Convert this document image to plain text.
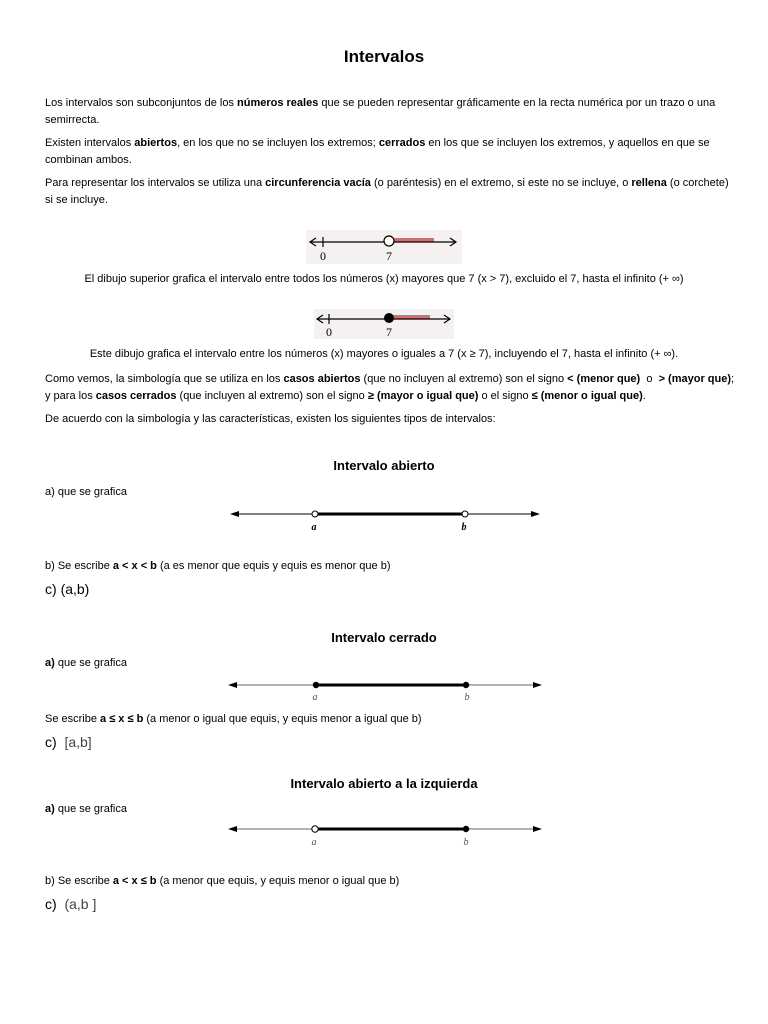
Intervalos

Los intervalos son subconjuntos de los números reales que se pueden representar gráficamente en la recta numérica por un trazo o una semirrecta.

Existen intervalos abiertos, en los que no se incluyen los extremos; cerrados en los que se incluyen los extremos, y aquellos en que se combinan ambos.

Para representar los intervalos se utiliza una circunferencia vacía (o paréntesis) en el extremo, si este no se incluye, o rellena (o corchete) si se incluye.

0	7

El dibujo superior grafica el intervalo entre todos los números (x) mayores que 7 (x > 7), excluido el 7, hasta el infinito (+ ∞)

0	7

Este dibujo grafica el intervalo entre los números (x) mayores o iguales a 7 (x ≥ 7), incluyendo el 7, hasta el infinito (+ ∞).

Como vemos, la simbología que se utiliza en los casos abiertos (que no incluyen al extremo) son el signo < (menor que)  o  > (mayor que); y para los casos cerrados (que incluyen al extremo) son el signo ≥ (mayor o igual que) o el signo ≤ (menor o igual que).

De acuerdo con la simbología y las características, existen los siguientes tipos de intervalos:

Intervalo abierto

a) que se grafica

a	b

b) Se escribe a < x < b (a es menor que equis y equis es menor que b)

c) (a,b)

Intervalo cerrado

a) que se grafica

a	b

Se escribe a ≤ x ≤ b (a menor o igual que equis, y equis menor a igual que b)

c)  [a,b]

Intervalo abierto a la izquierda

a) que se grafica

a	b

b) Se escribe a < x ≤ b (a menor que equis, y equis menor o igual que b)

c)  (a,b ]
